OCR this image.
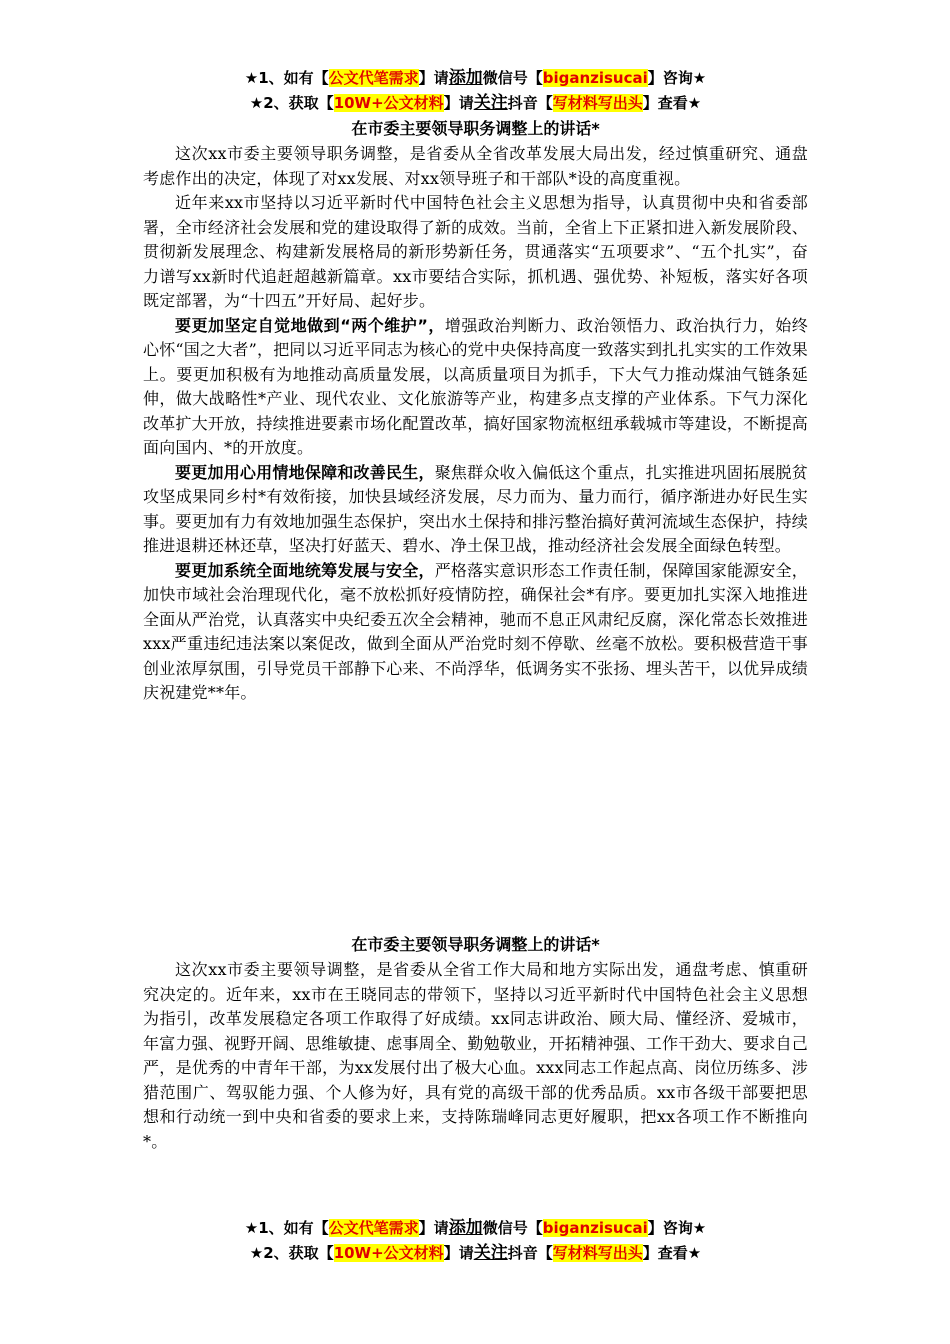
★1、如有【公文代笔需求】请添加微信号【biganzisucai】咨询★
★2、获取【10W+公文材料】请关注抖音【写材料写出头】查看★
在市委主要领导职务调整上的讲话*

这次xx市委主要领导职务调整，是省委从全省改革发展大局出发，经过慎重研究、通盘考虑作出的决定，体现了对xx发展、对xx领导班子和干部队*设的高度重视。

近年来xx市坚持以习近平新时代中国特色社会主义思想为指导，认真贯彻中央和省委部署，全市经济社会发展和党的建设取得了新的成效。当前，全省上下正紧扣进入新发展阶段、贯彻新发展理念、构建新发展格局的新形势新任务，贯通落实“五项要求”、“五个扎实”，奋力谱写xx新时代追赶超越新篇章。xx市要结合实际，抓机遇、强优势、补短板，落实好各项既定部署，为“十四五”开好局、起好步。

要更加坚定自觉地做到“两个维护”，增强政治判断力、政治领悟力、政治执行力，始终心怀“国之大者”，把同以习近平同志为核心的党中央保持高度一致落实到扎扎实实的工作效果上。要更加积极有为地推动高质量发展，以高质量项目为抓手，下大气力推动煤油气链条延伸，做大战略性*产业、现代农业、文化旅游等产业，构建多点支撑的产业体系。下气力深化改革扩大开放，持续推进要素市场化配置改革，搞好国家物流枢纽承载城市等建设，不断提高面向国内、*的开放度。

要更加用心用情地保障和改善民生，聚焦群众收入偏低这个重点，扎实推进巩固拓展脱贫攻坚成果同乡村*有效衔接，加快县域经济发展，尽力而为、量力而行，循序渐进办好民生实事。要更加有力有效地加强生态保护，突出水土保持和排污整治搞好黄河流域生态保护，持续推进退耕还林还草，坚决打好蓝天、碧水、净土保卫战，推动经济社会发展全面绿色转型。

要更加系统全面地统筹发展与安全，严格落实意识形态工作责任制，保障国家能源安全，加快市域社会治理现代化，毫不放松抓好疫情防控，确保社会*有序。要更加扎实深入地推进全面从严治党，认真落实中央纪委五次全会精神，驰而不息正风肃纪反腐，深化常态长效推进xxx严重违纪违法案以案促改，做到全面从严治党时刻不停歇、丝毫不放松。要积极营造干事创业浓厚氛围，引导党员干部静下心来、不尚浮华，低调务实不张扬、埋头苦干，以优异成绩庆祝建党**年。

在市委主要领导职务调整上的讲话*

这次xx市委主要领导调整，是省委从全省工作大局和地方实际出发，通盘考虑、慎重研究决定的。近年来，xx市在王晓同志的带领下，坚持以习近平新时代中国特色社会主义思想为指引，改革发展稳定各项工作取得了好成绩。xx同志讲政治、顾大局、懂经济、爱城市，年富力强、视野开阔、思维敏捷、虑事周全、勤勉敬业，开拓精神强、工作干劲大、要求自己严，是优秀的中青年干部，为xx发展付出了极大心血。xxx同志工作起点高、岗位历练多、涉猎范围广、驾驭能力强、个人修为好，具有党的高级干部的优秀品质。xx市各级干部要把思想和行动统一到中央和省委的要求上来，支持陈瑞峰同志更好履职，把xx各项工作不断推向*。

★1、如有【公文代笔需求】请添加微信号【biganzisucai】咨询★
★2、获取【10W+公文材料】请关注抖音【写材料写出头】查看★
